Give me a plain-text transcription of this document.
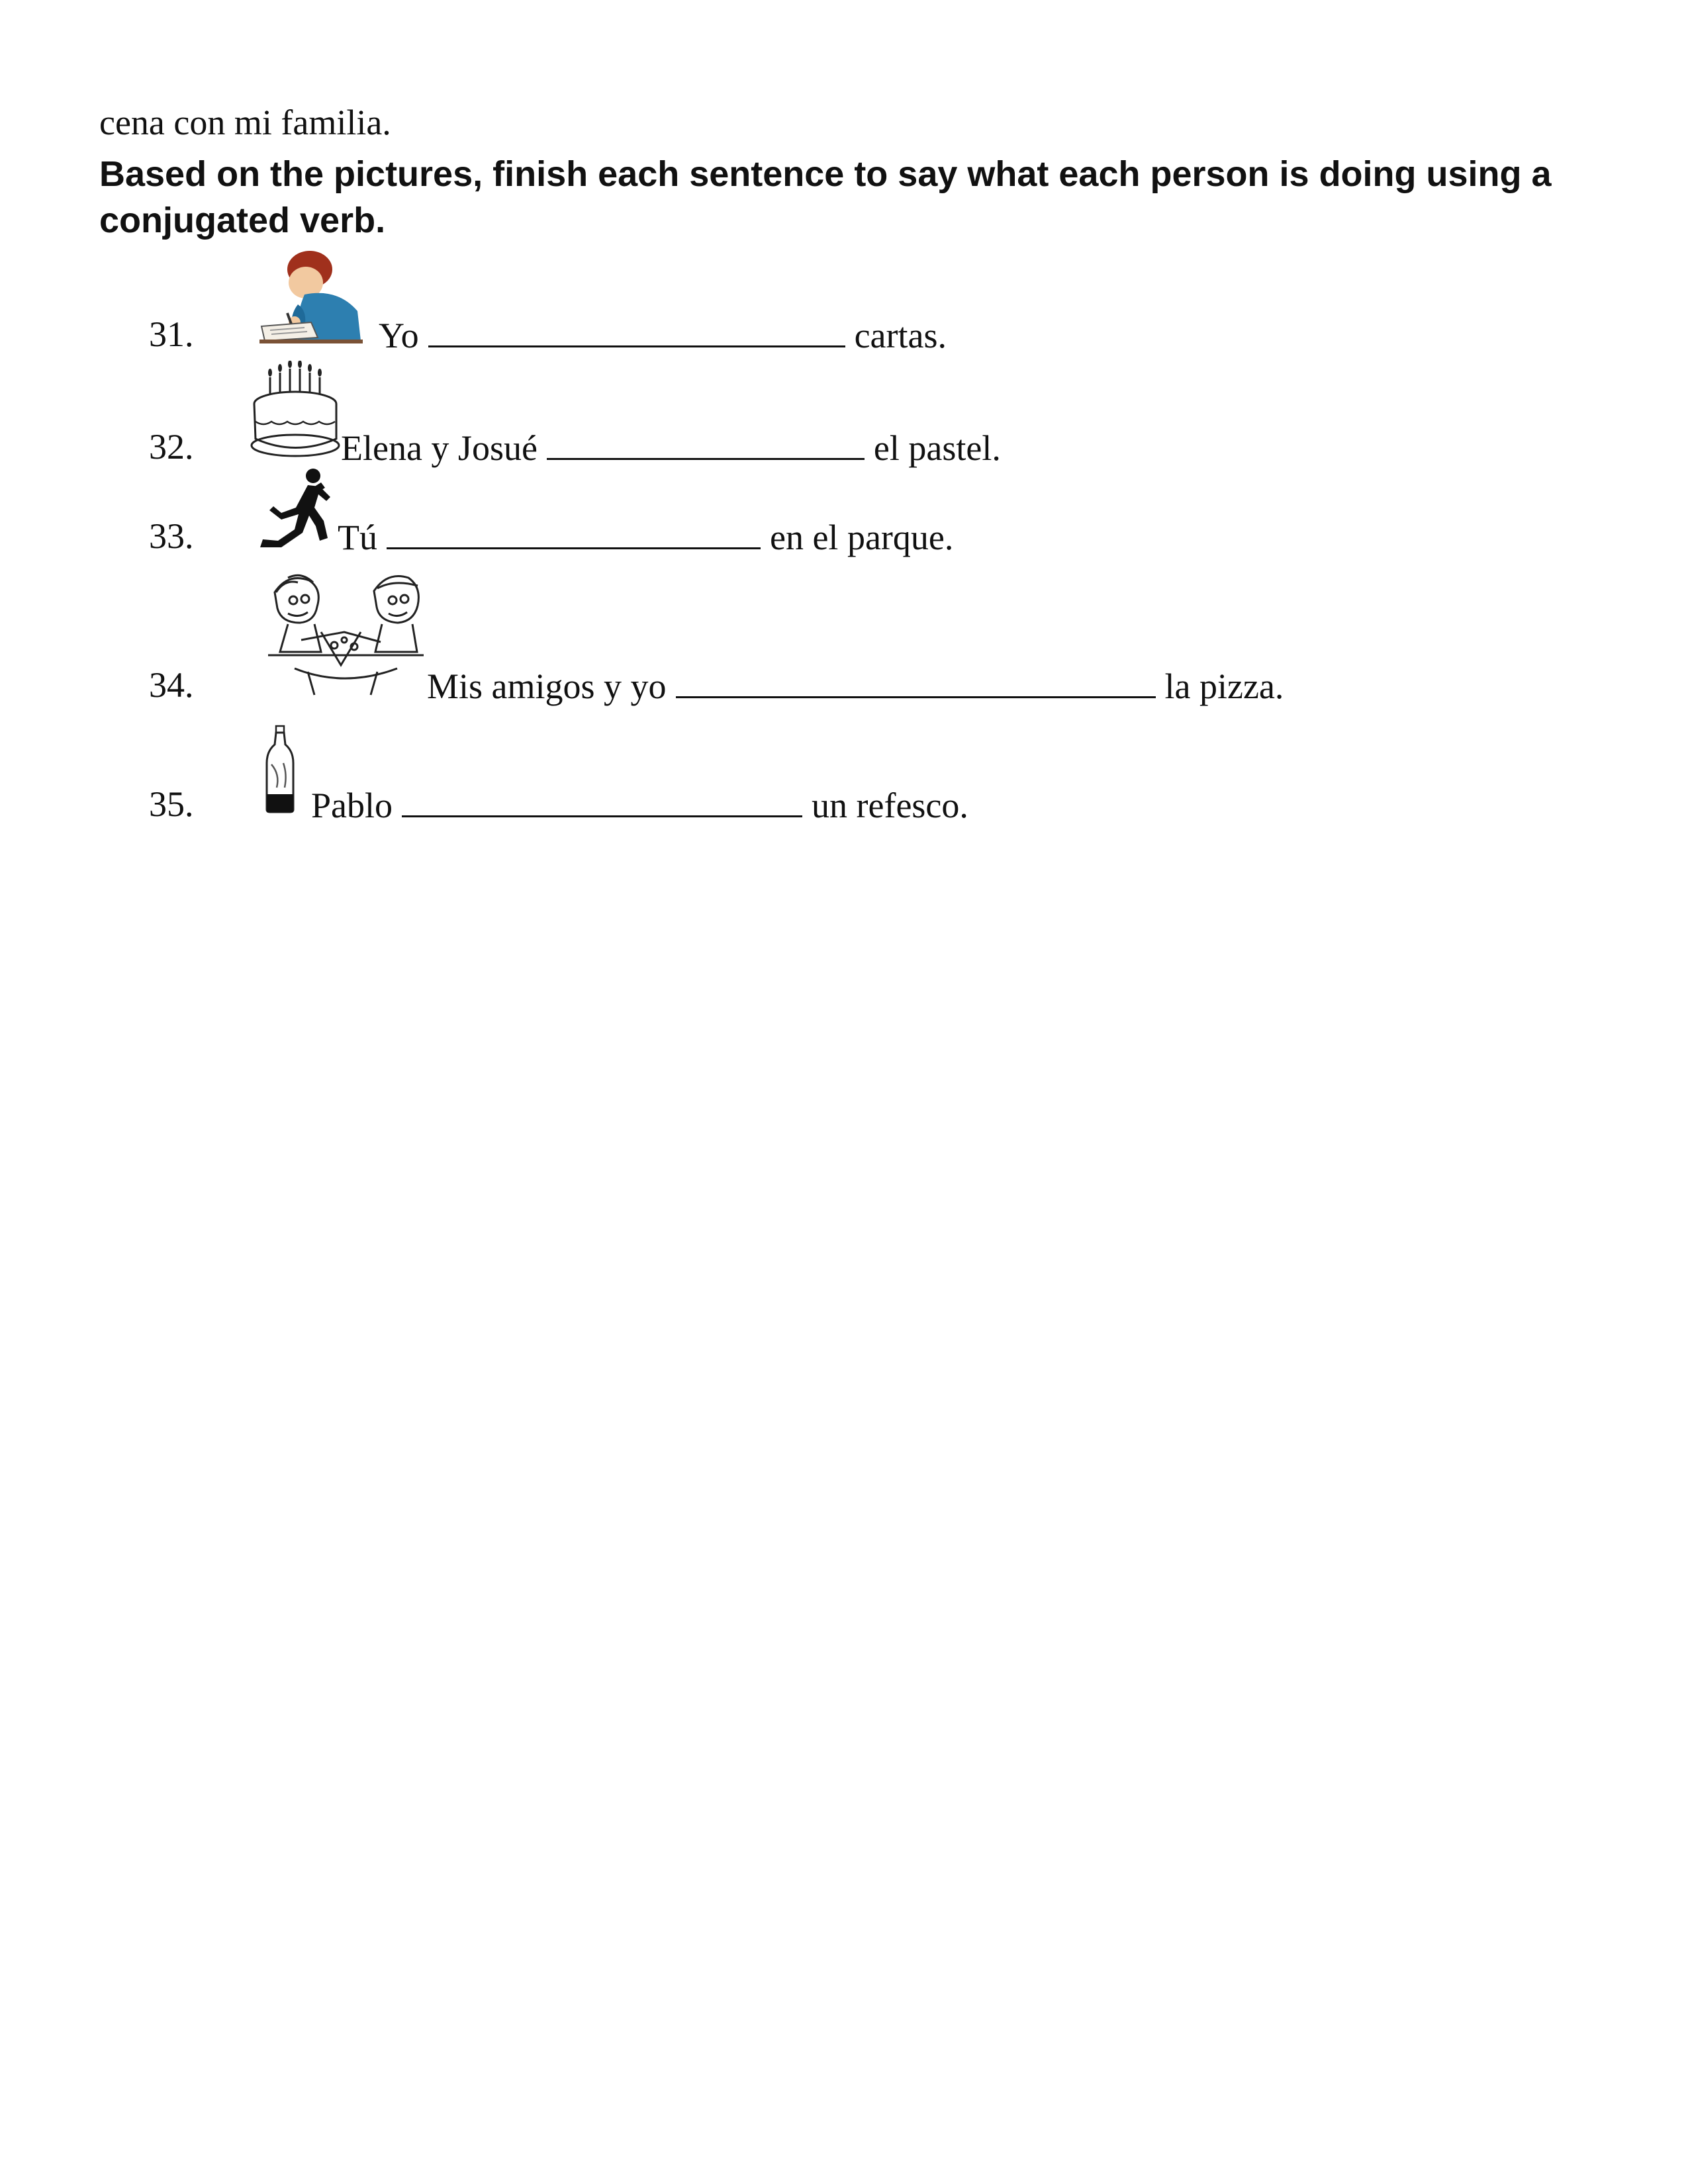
cena con mi familia.
Based on the pictures, finish each sentence to say what each person is doing using a conjugated verb.
31.	Yo	cartas.
32.	Elena y Josué	el pastel.
33.	Tú	en el parque.
34.	Mis amigos y yo	la pizza.
35.	Pablo	un refesco.
